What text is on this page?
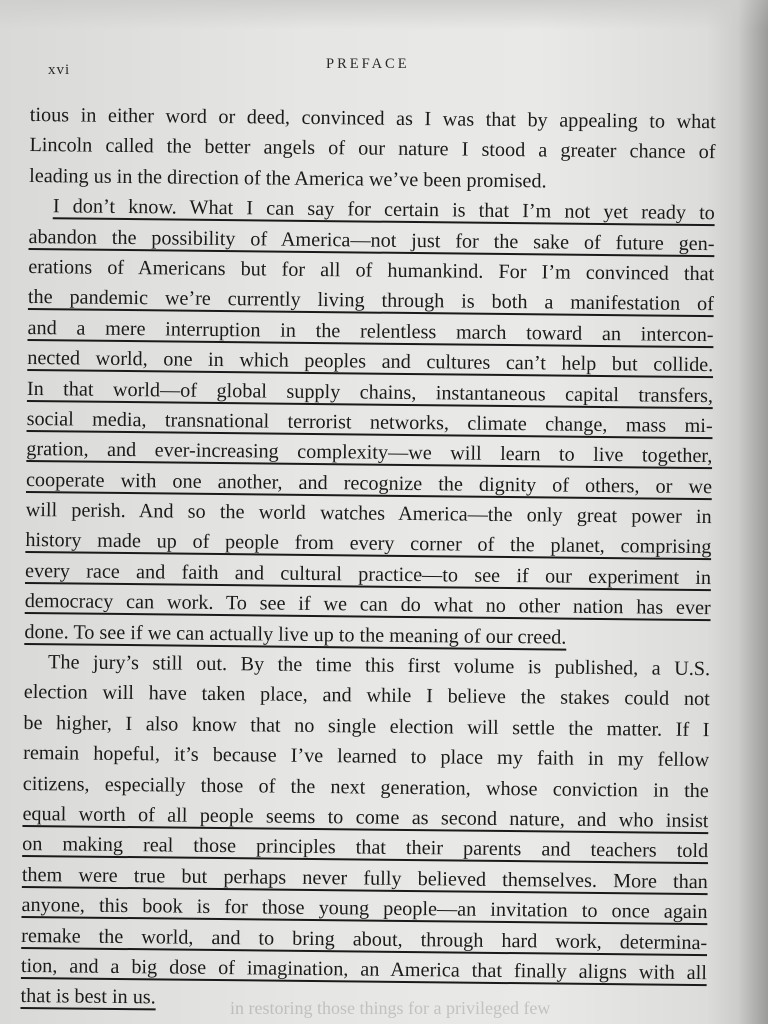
xvi	PREFACE
tious in either word or deed, convinced as I was that by appealing to what
Lincoln called the better angels of our nature I stood a greater chance of
leading us in the direction of the America we’ve been promised.
I don’t know. What I can say for certain is that I’m not yet ready to
abandon the possibility of America—not just for the sake of future gen-
erations of Americans but for all of humankind. For I’m convinced that
the pandemic we’re currently living through is both a manifestation of
and a mere interruption in the relentless march toward an intercon-
nected world, one in which peoples and cultures can’t help but collide.
In that world—of global supply chains, instantaneous capital transfers,
social media, transnational terrorist networks, climate change, mass mi-
gration, and ever-increasing complexity—we will learn to live together,
cooperate with one another, and recognize the dignity of others, or we
will perish. And so the world watches America—the only great power in
history made up of people from every corner of the planet, comprising
every race and faith and cultural practice—to see if our experiment in
democracy can work. To see if we can do what no other nation has ever
done. To see if we can actually live up to the meaning of our creed.
The jury’s still out. By the time this first volume is published, a U.S.
election will have taken place, and while I believe the stakes could not
be higher, I also know that no single election will settle the matter. If I
remain hopeful, it’s because I’ve learned to place my faith in my fellow
citizens, especially those of the next generation, whose conviction in the
equal worth of all people seems to come as second nature, and who insist
on making real those principles that their parents and teachers told
them were true but perhaps never fully believed themselves. More than
anyone, this book is for those young people—an invitation to once again
remake the world, and to bring about, through hard work, determina-
tion, and a big dose of imagination, an America that finally aligns with all
that is best in us.	in restoring those things for a privileged few
